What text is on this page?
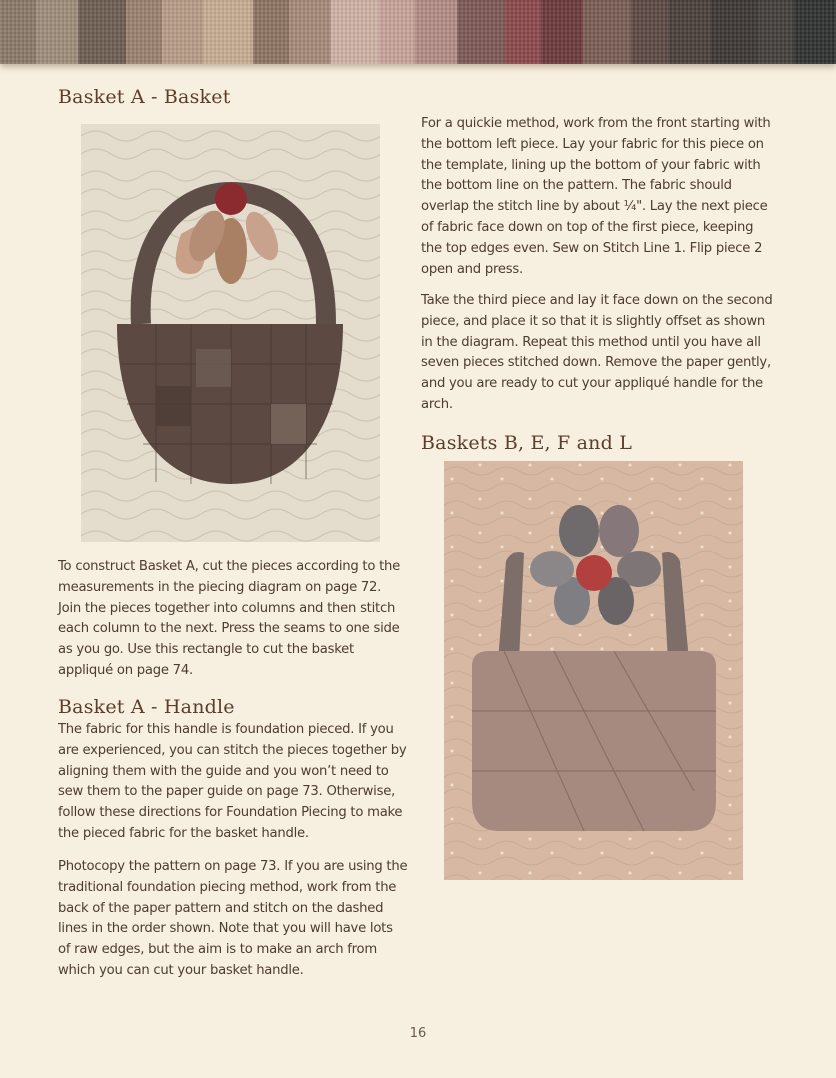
Basket A - Basket

To construct Basket A, cut the pieces according to the measurements in the piecing diagram on page 72. Join the pieces together into columns and then stitch each column to the next. Press the seams to one side as you go. Use this rectangle to cut the basket appliqué on page 74.

Basket A - Handle

The fabric for this handle is foundation pieced. If you are experienced, you can stitch the pieces together by aligning them with the guide and you won’t need to sew them to the paper guide on page 73. Otherwise, follow these directions for Foundation Piecing to make the pieced fabric for the basket handle.

Photocopy the pattern on page 73. If you are using the traditional foundation piecing method, work from the back of the paper pattern and stitch on the dashed lines in the order shown. Note that you will have lots of raw edges, but the aim is to make an arch from which you can cut your basket handle.

For a quickie method, work from the front starting with the bottom left piece. Lay your fabric for this piece on the template, lining up the bottom of your fabric with the bottom line on the pattern. The fabric should overlap the stitch line by about ¼". Lay the next piece of fabric face down on top of the first piece, keeping the top edges even. Sew on Stitch Line 1. Flip piece 2 open and press.

Take the third piece and lay it face down on the second piece, and place it so that it is slightly offset as shown in the diagram. Repeat this method until you have all seven pieces stitched down. Remove the paper gently, and you are ready to cut your appliqué handle for the arch.

Baskets B, E, F and L
16
